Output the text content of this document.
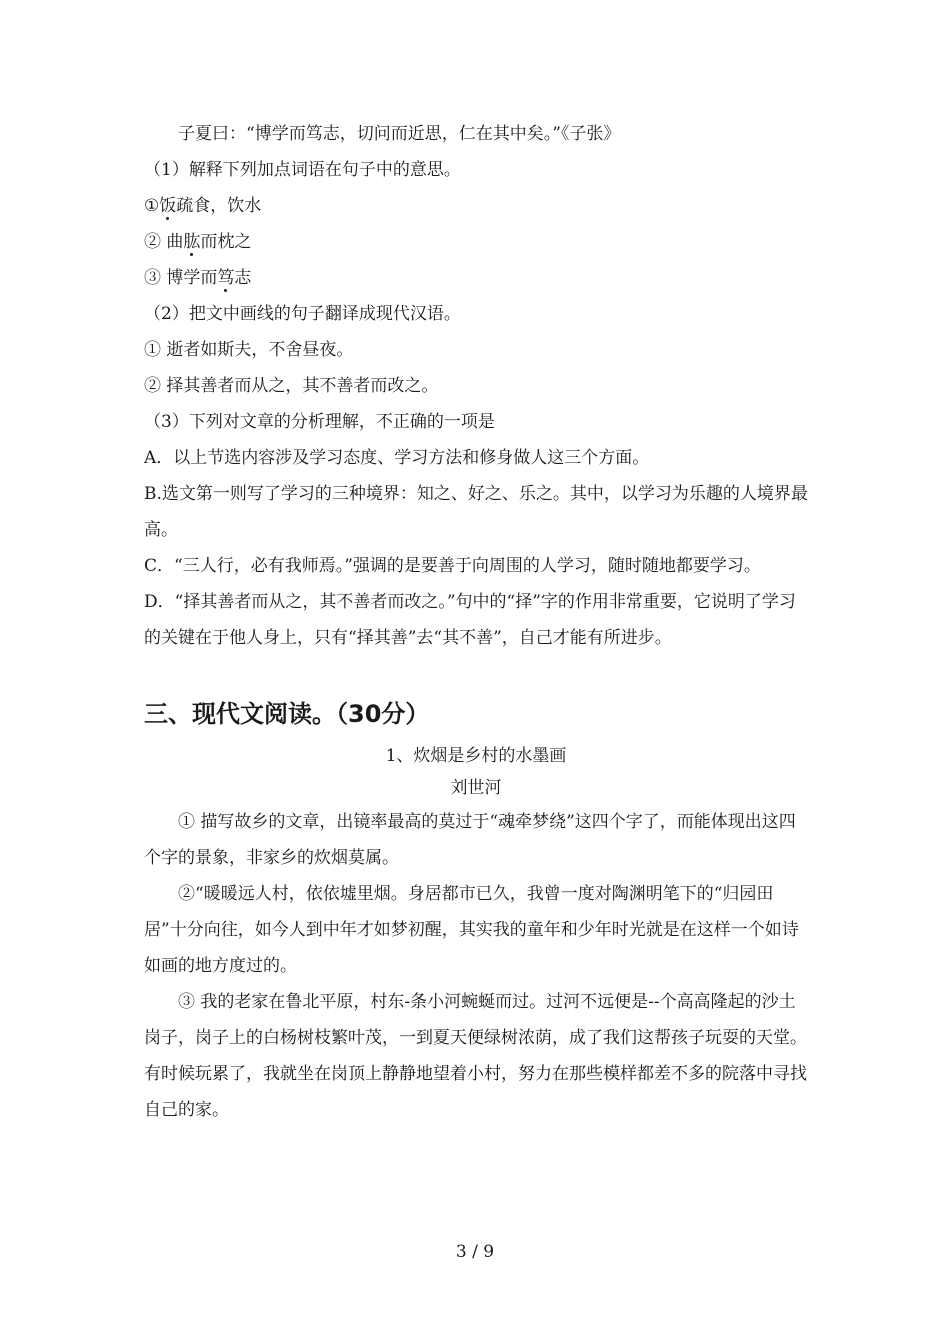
子夏曰：“博学而笃志，切问而近思，仁在其中矣。”《子张》
（1）解释下列加点词语在句子中的意思。
①饭疏食，饮水
② 曲肱而枕之
③ 博学而笃志
（2）把文中画线的句子翻译成现代汉语。
① 逝者如斯夫，不舍昼夜。
② 择其善者而从之，其不善者而改之。
（3）下列对文章的分析理解，不正确的一项是
A．以上节选内容涉及学习态度、学习方法和修身做人这三个方面。
B.选文第一则写了学习的三种境界：知之、好之、乐之。其中，以学习为乐趣的人境界最高。
C．“三人行，必有我师焉。”强调的是要善于向周围的人学习，随时随地都要学习。
D．“择其善者而从之，其不善者而改之。”句中的“择”字的作用非常重要，它说明了学习的关键在于他人身上，只有“择其善”去“其不善”，自己才能有所进步。
三、现代文阅读。（30分）
1、炊烟是乡村的水墨画
刘世河
① 描写故乡的文章，出镜率最高的莫过于“魂牵梦绕”这四个字了，而能体现出这四个字的景象，非家乡的炊烟莫属。
②“暖暖远人村，依依墟里烟。身居都市已久，我曾一度对陶渊明笔下的“归园田居”十分向往，如今人到中年才如梦初醒，其实我的童年和少年时光就是在这样一个如诗如画的地方度过的。
③ 我的老家在鲁北平原，村东-条小河蜿蜒而过。过河不远便是--个高高隆起的沙土岗子，岗子上的白杨树枝繁叶茂，一到夏天便绿树浓荫，成了我们这帮孩子玩耍的天堂。有时候玩累了，我就坐在岗顶上静静地望着小村，努力在那些模样都差不多的院落中寻找自己的家。
3 / 9
